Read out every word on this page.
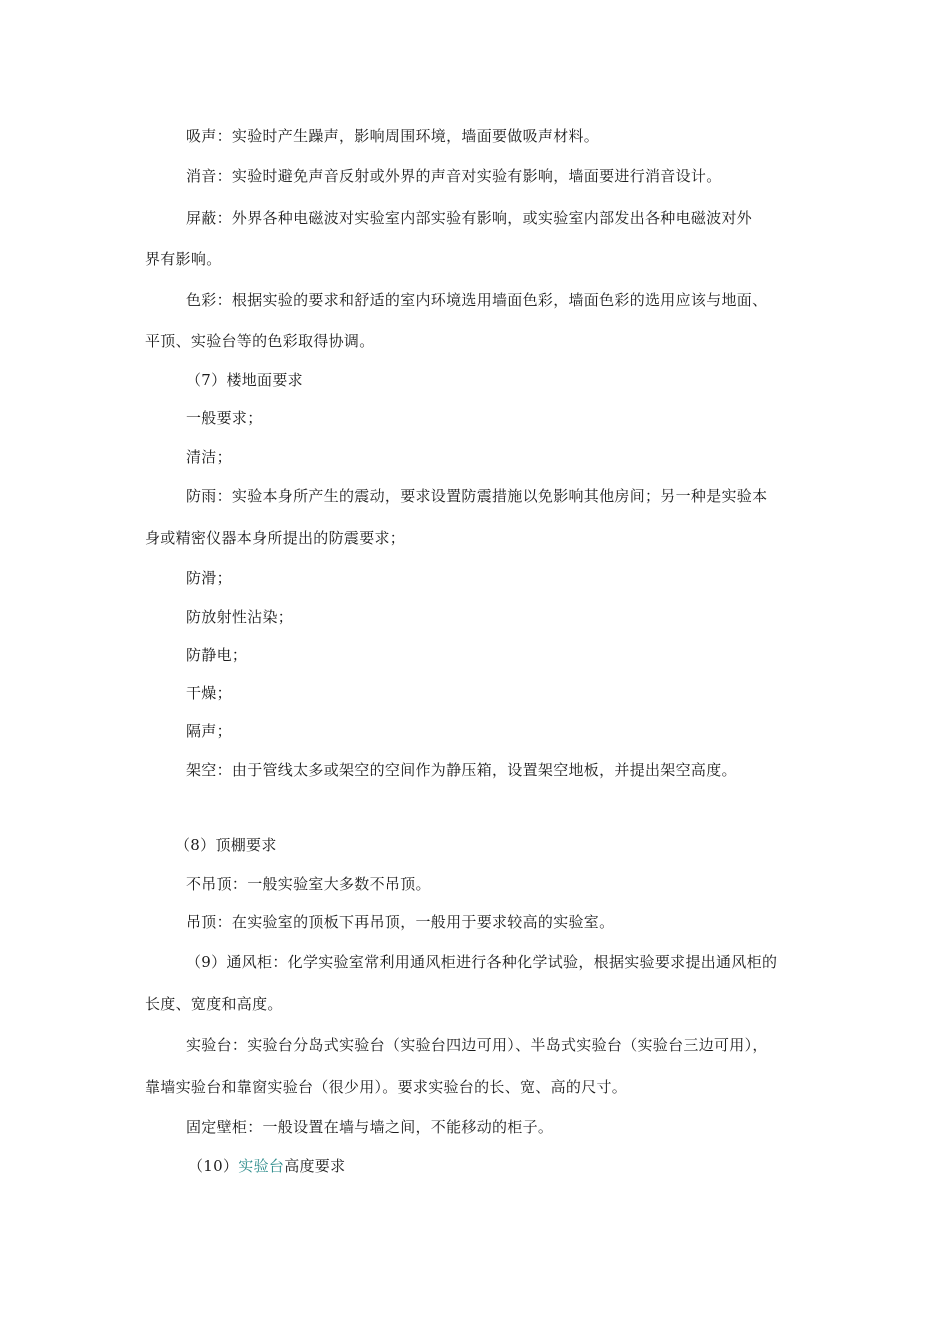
吸声：实验时产生躁声，影响周围环境，墙面要做吸声材料。
消音：实验时避免声音反射或外界的声音对实验有影响，墙面要进行消音设计。
屏蔽：外界各种电磁波对实验室内部实验有影响，或实验室内部发出各种电磁波对外
界有影响。
色彩：根据实验的要求和舒适的室内环境选用墙面色彩，墙面色彩的选用应该与地面、
平顶、实验台等的色彩取得协调。
（7）楼地面要求
一般要求；
清洁；
防雨：实验本身所产生的震动，要求设置防震措施以免影响其他房间；另一种是实验本
身或精密仪器本身所提出的防震要求；
防滑；
防放射性沾染；
防静电；
干燥；
隔声；
架空：由于管线太多或架空的空间作为静压箱，设置架空地板，并提出架空高度。
（8）顶棚要求
不吊顶：一般实验室大多数不吊顶。
吊顶：在实验室的顶板下再吊顶，一般用于要求较高的实验室。
（9）通风柜：化学实验室常利用通风柜进行各种化学试验，根据实验要求提出通风柜的
长度、宽度和高度。
实验台：实验台分岛式实验台（实验台四边可用）、半岛式实验台（实验台三边可用），
靠墙实验台和靠窗实验台（很少用）。要求实验台的长、宽、高的尺寸。
固定壁柜：一般设置在墙与墙之间，不能移动的柜子。
（10）实验台高度要求
